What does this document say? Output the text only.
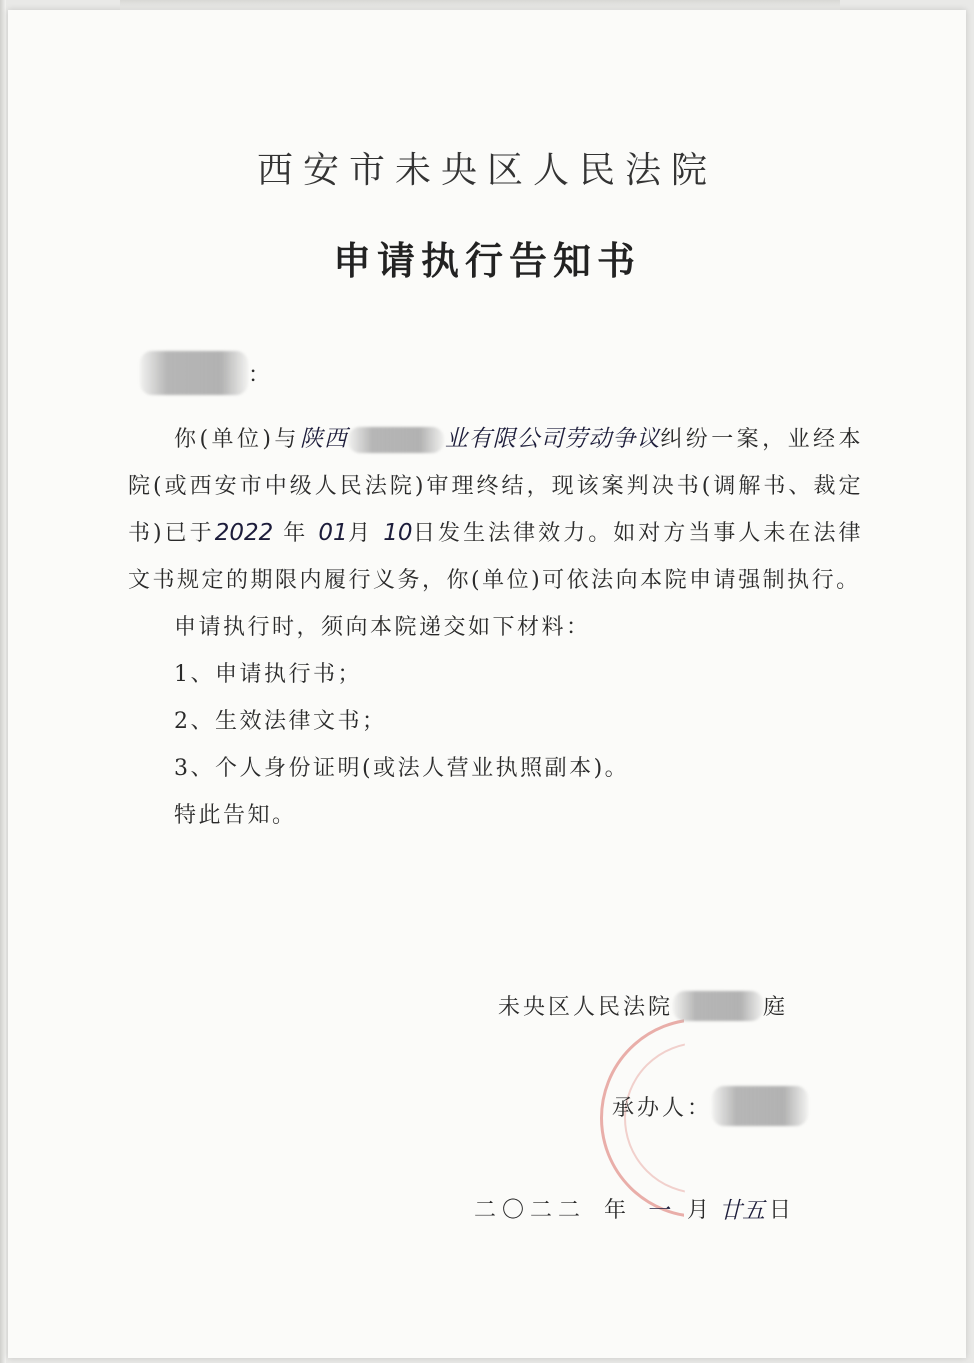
西安市未央区人民法院
申请执行告知书
：

你(单位)与陕西	业有限公司劳动争议纠纷一案，业经本院(或西安市中级人民法院)审理终结，现该案判决书(调解书、裁定书)已于2022 年 01月 10日发生法律效力。如对方当事人未在法律文书规定的期限内履行义务，你(单位)可依法向本院申请强制执行。

申请执行时，须向本院递交如下材料：

1、申请执行书；

2、生效法律文书；

3、个人身份证明(或法人营业执照副本)。

特此告知。

未央区人民法院	庭
承办人：
二〇二二 年 一 月 廿五 日
